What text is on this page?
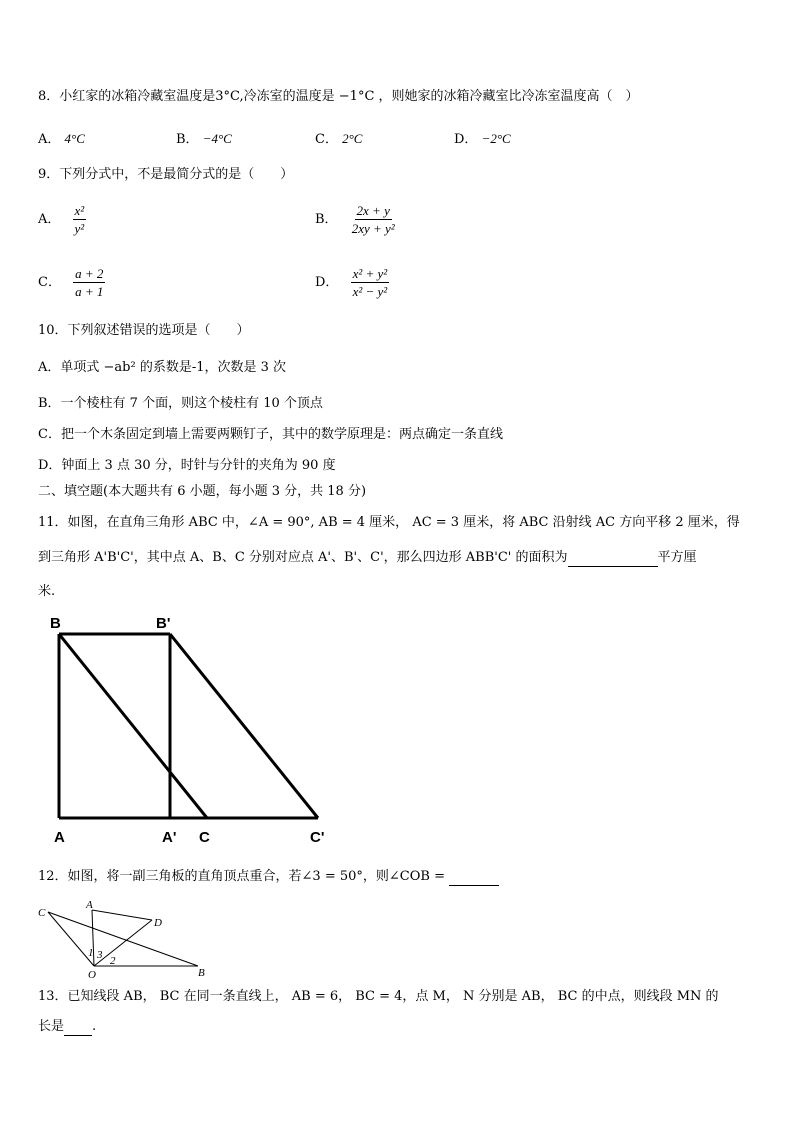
8．小红家的冰箱冷藏室温度是3°C,冷冻室的温度是 −1°C ，则她家的冰箱冷藏室比冷冻室温度高（　）
A． 4°C	B． −4°C	C． 2°C	D． −2°C
9．下列分式中，不是最简分式的是（　　）
A． $\frac{\text{x²}}{\text{y²}}$	B． $\frac{2x + y}{\text{2xy + y²}}$
C． $\frac{a + 2}{a + 1}$	D． $\frac{\text{x² + y²}}{\text{x² − y²}}$
10．下列叙述错误的选项是（　　）
A．单项式 −ab² 的系数是-1，次数是 3 次
B．一个棱柱有 7 个面，则这个棱柱有 10 个顶点
C．把一个木条固定到墙上需要两颗钉子，其中的数学原理是：两点确定一条直线
D．钟面上 3 点 30 分，时针与分针的夹角为 90 度
二、填空题(本大题共有 6 小题，每小题 3 分，共 18 分)
11．如图，在直角三角形 ABC 中，∠A = 90°, AB = 4 厘米， AC = 3 厘米，将 ABC 沿射线 AC 方向平移 2 厘米，得
到三角形 A'B'C'，其中点 A、B、C 分别对应点 A'、B'、C'，那么四边形 ABB'C' 的面积为	平方厘
米.
B	B'
A	A' C	C'
12．如图，将一副三角板的直角顶点重合，若∠3 = 50°，则∠COB =
C
A
D
O	B
1 3 2
13．已知线段 AB， BC 在同一条直线上， AB = 6， BC = 4，点 M， N 分别是 AB， BC 的中点，则线段 MN 的
长是 .
